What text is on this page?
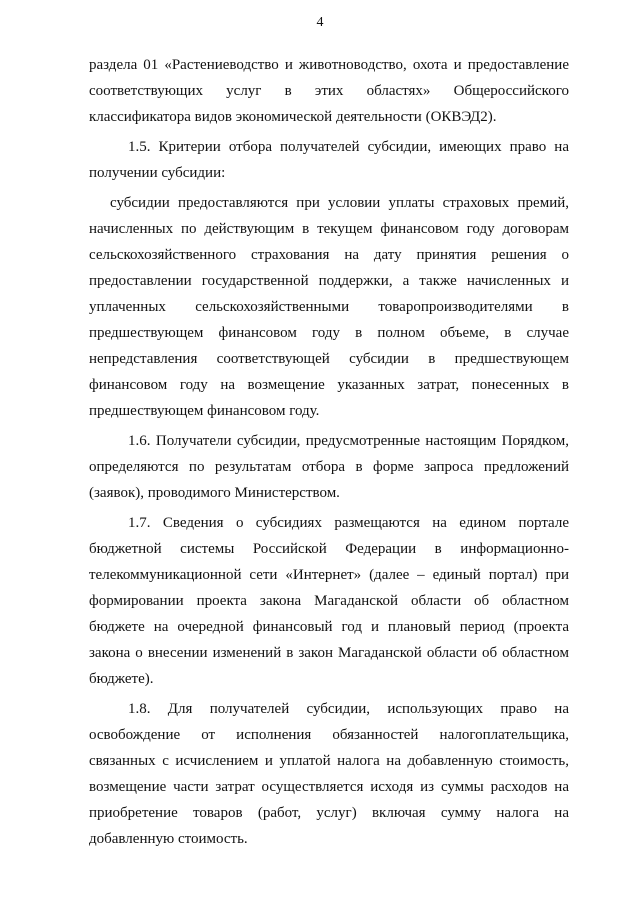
4

раздела 01 «Растениеводство и животноводство, охота и предоставление соответствующих услуг в этих областях» Общероссийского классификатора видов экономической деятельности (ОКВЭД2).

1.5. Критерии отбора получателей субсидии, имеющих право на получении субсидии:

субсидии предоставляются при условии уплаты страховых премий, начисленных по действующим в текущем финансовом году договорам сельскохозяйственного страхования на дату принятия решения о предоставлении государственной поддержки, а также начисленных и уплаченных сельскохозяйственными товаропроизводителями в предшествующем финансовом году в полном объеме, в случае непредставления соответствующей субсидии в предшествующем финансовом году на возмещение указанных затрат, понесенных в предшествующем финансовом году.

1.6. Получатели субсидии, предусмотренные настоящим Порядком, определяются по результатам отбора в форме запроса предложений (заявок), проводимого Министерством.

1.7. Сведения о субсидиях размещаются на едином портале бюджетной системы Российской Федерации в информационно-телекоммуникационной сети «Интернет» (далее – единый портал) при формировании проекта закона Магаданской области об областном бюджете на очередной финансовый год и плановый период (проекта закона о внесении изменений в закон Магаданской области об областном бюджете).

1.8. Для получателей субсидии, использующих право на освобождение от исполнения обязанностей налогоплательщика, связанных с исчислением и уплатой налога на добавленную стоимость, возмещение части затрат осуществляется исходя из суммы расходов на приобретение товаров (работ, услуг) включая сумму налога на добавленную стоимость.
